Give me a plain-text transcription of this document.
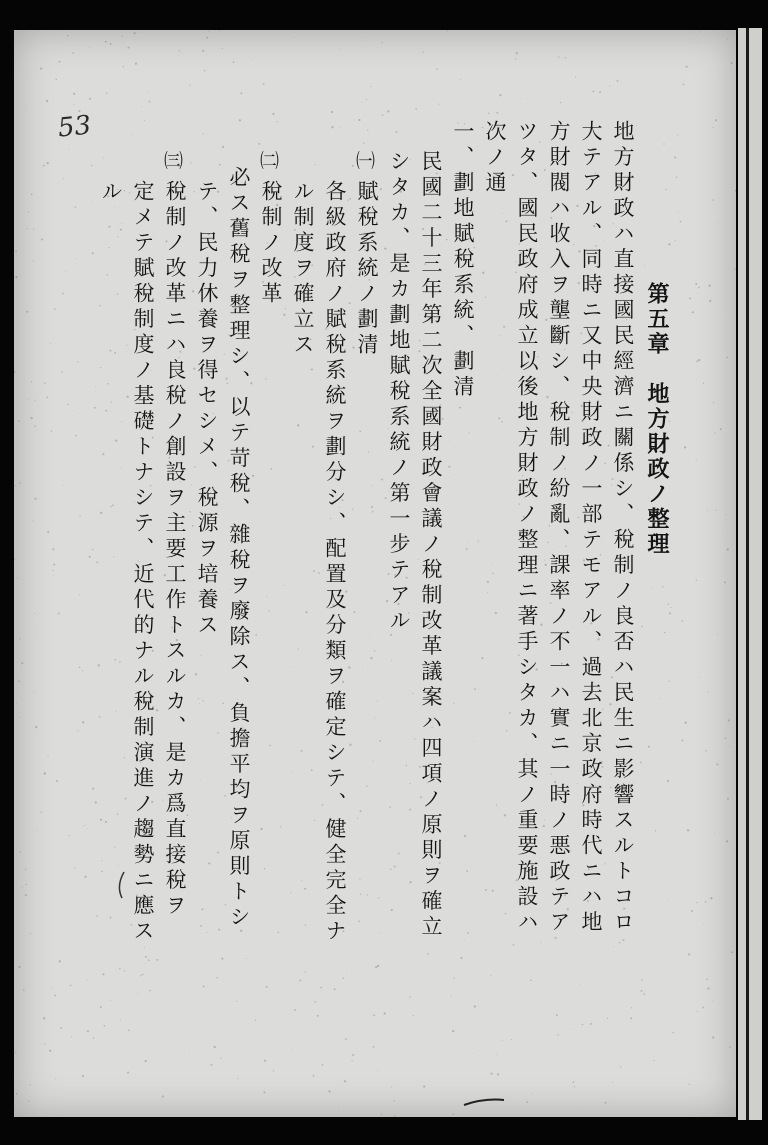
53
第五章　地方財政ノ整理
地方財政ハ直接國民經濟ニ關係シ、稅制ノ良否ハ民生ニ影響スルトコロ
大テアル、同時ニ又中央財政ノ一部テモアル、過去北京政府時代ニハ地
方財閥ハ收入ヲ壟斷シ、稅制ノ紛亂、課率ノ不一ハ實ニ一時ノ悪政テア
ツタ、國民政府成立以後地方財政ノ整理ニ著手シタカ、其ノ重要施設ハ
次ノ通
一、劃地賦稅系統、劃清
民國二十三年第二次全國財政會議ノ稅制改革議案ハ四項ノ原則ヲ確立
シタカ、是カ劃地賦稅系統ノ第一步テアル
㈠
賦稅系統ノ劃清
各級政府ノ賦稅系統ヲ劃分シ、配置及分類ヲ確定シテ、健全完全ナ
ル制度ヲ確立ス
㈡
稅制ノ改革
必ス舊稅ヲ整理シ、以テ苛稅、雜稅ヲ廢除ス、負擔平均ヲ原則トシ
テ、民力休養ヲ得セシメ、稅源ヲ培養ス
㈢
稅制ノ改革ニハ良稅ノ創設ヲ主要工作トスルカ、是カ爲直接稅ヲ
定メテ賦稅制度ノ基礎トナシテ、近代的ナル稅制演進ノ趨勢ニ應ス
ル
